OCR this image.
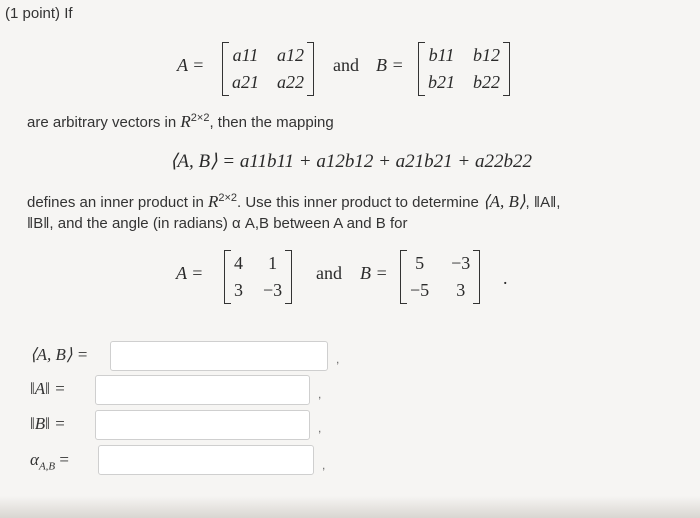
(1 point) If
A = a11 a12
a21 a22
and B = b11 b12
b21 b22
are arbitrary vectors in $R^{2\times 2}$, then the mapping
⟨A, B⟩ = a11b11 + a12b12 + a21b21 + a22b22
defines an inner product in $R^{2\times 2}$. Use this inner product to determine ⟨A, B⟩, ‖A‖,
‖B‖, and the angle (in radians) α A,B between A and B for
A = 4 1
3 −3
and B = 5 −3
−5 3
.
⟨A, B⟩ =	,
‖A‖ =	,
‖B‖ =	,
$\alpha_{A,B}$ =	,
